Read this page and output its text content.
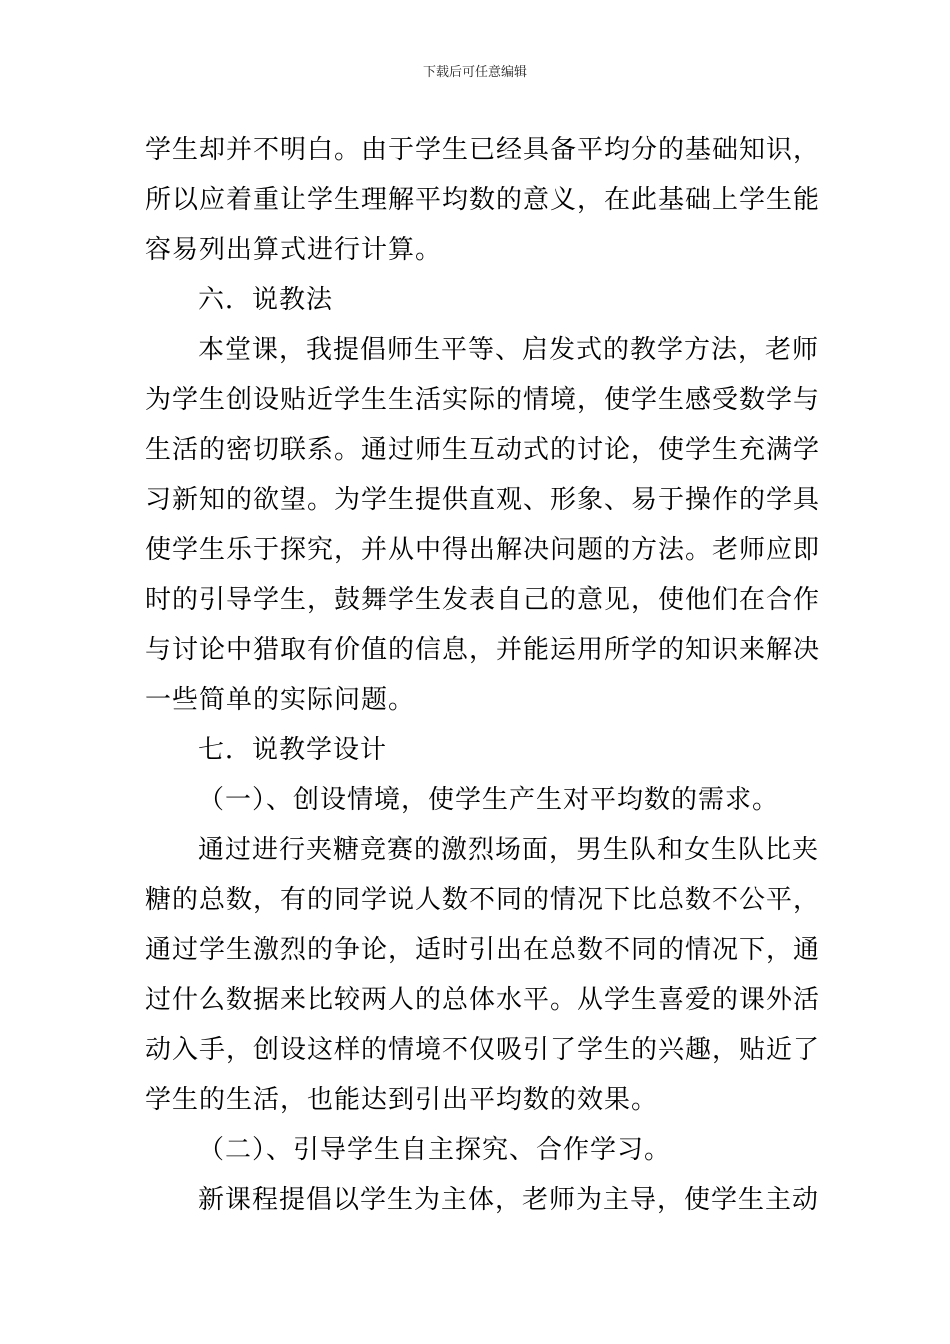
下载后可任意编辑
学生却并不明白。由于学生已经具备平均分的基础知识，
所以应着重让学生理解平均数的意义，在此基础上学生能
容易列出算式进行计算。
六．说教法
本堂课，我提倡师生平等、启发式的教学方法，老师
为学生创设贴近学生生活实际的情境，使学生感受数学与
生活的密切联系。通过师生互动式的讨论，使学生充满学
习新知的欲望。为学生提供直观、形象、易于操作的学具
使学生乐于探究，并从中得出解决问题的方法。老师应即
时的引导学生，鼓舞学生发表自己的意见，使他们在合作
与讨论中猎取有价值的信息，并能运用所学的知识来解决
一些简单的实际问题。
七．说教学设计
（一）、创设情境，使学生产生对平均数的需求。
通过进行夹糖竞赛的激烈场面，男生队和女生队比夹
糖的总数，有的同学说人数不同的情况下比总数不公平，
通过学生激烈的争论，适时引出在总数不同的情况下，通
过什么数据来比较两人的总体水平。从学生喜爱的课外活
动入手，创设这样的情境不仅吸引了学生的兴趣，贴近了
学生的生活，也能达到引出平均数的效果。
（二）、引导学生自主探究、合作学习。
新课程提倡以学生为主体，老师为主导，使学生主动
